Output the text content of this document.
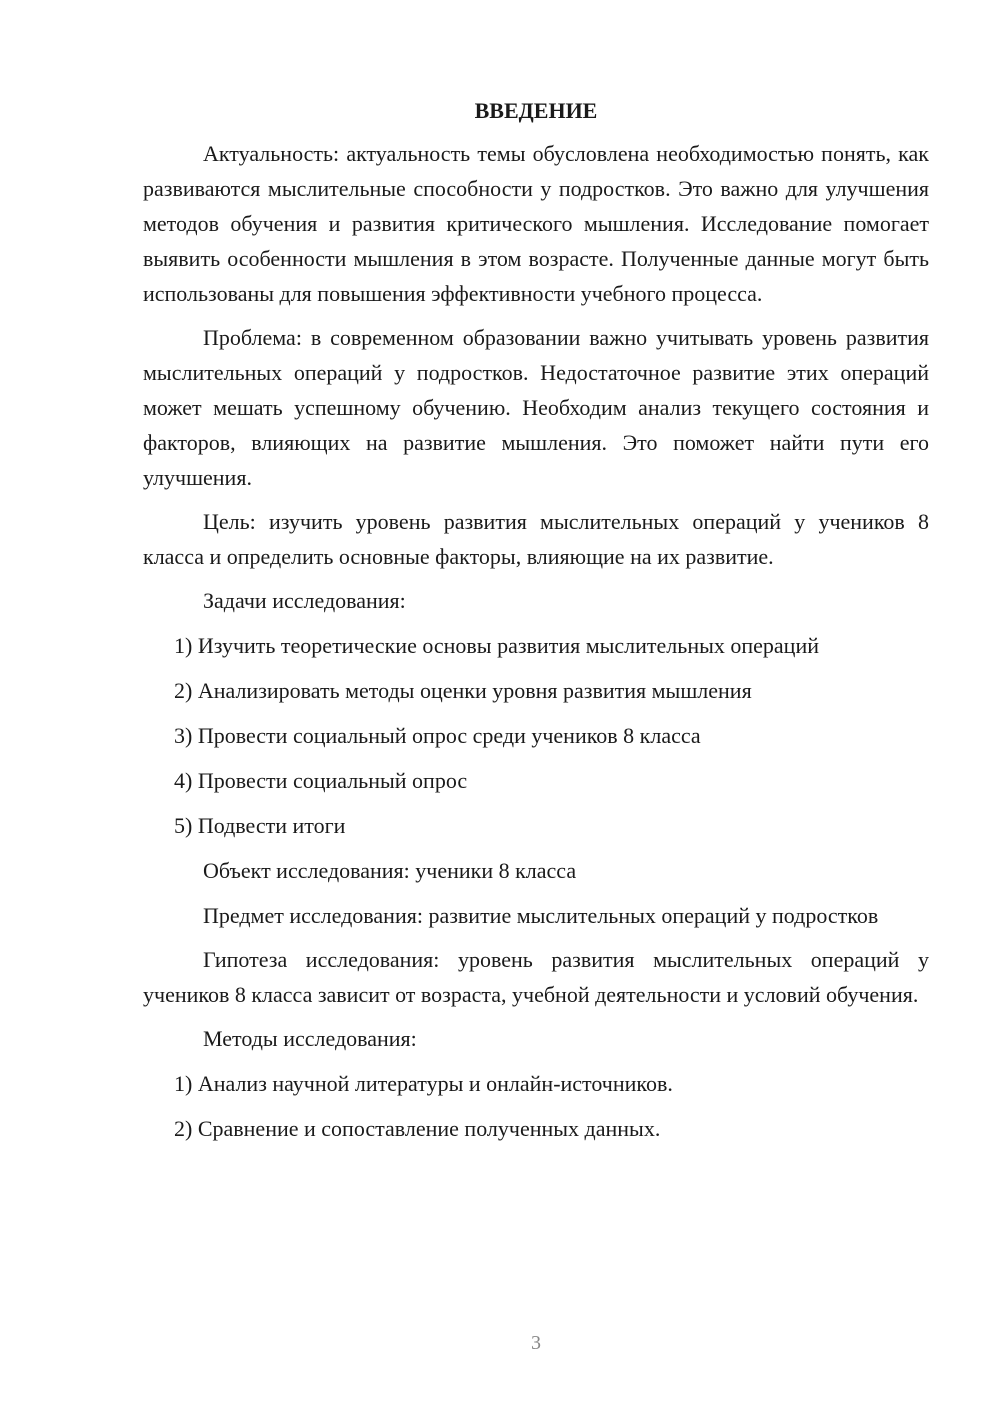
ВВЕДЕНИЕ

Актуальность: актуальность темы обусловлена необходимостью понять, как развиваются мыслительные способности у подростков. Это важно для улучшения методов обучения и развития критического мышления. Исследование помогает выявить особенности мышления в этом возрасте. Полученные данные могут быть использованы для повышения эффективности учебного процесса.

Проблема: в современном образовании важно учитывать уровень развития мыслительных операций у подростков. Недостаточное развитие этих операций может мешать успешному обучению. Необходим анализ текущего состояния и факторов, влияющих на развитие мышления. Это поможет найти пути его улучшения.

Цель: изучить уровень развития мыслительных операций у учеников 8 класса и определить основные факторы, влияющие на их развитие.

Задачи исследования:

1) Изучить теоретические основы развития мыслительных операций

2) Анализировать методы оценки уровня развития мышления

3) Провести социальный опрос среди учеников 8 класса

4) Провести социальный опрос

5) Подвести итоги

Объект исследования: ученики 8 класса

Предмет исследования: развитие мыслительных операций у подростков

Гипотеза исследования: уровень развития мыслительных операций у учеников 8 класса зависит от возраста, учебной деятельности и условий обучения.

Методы исследования:

1) Анализ научной литературы и онлайн-источников.

2) Сравнение и сопоставление полученных данных.

3
